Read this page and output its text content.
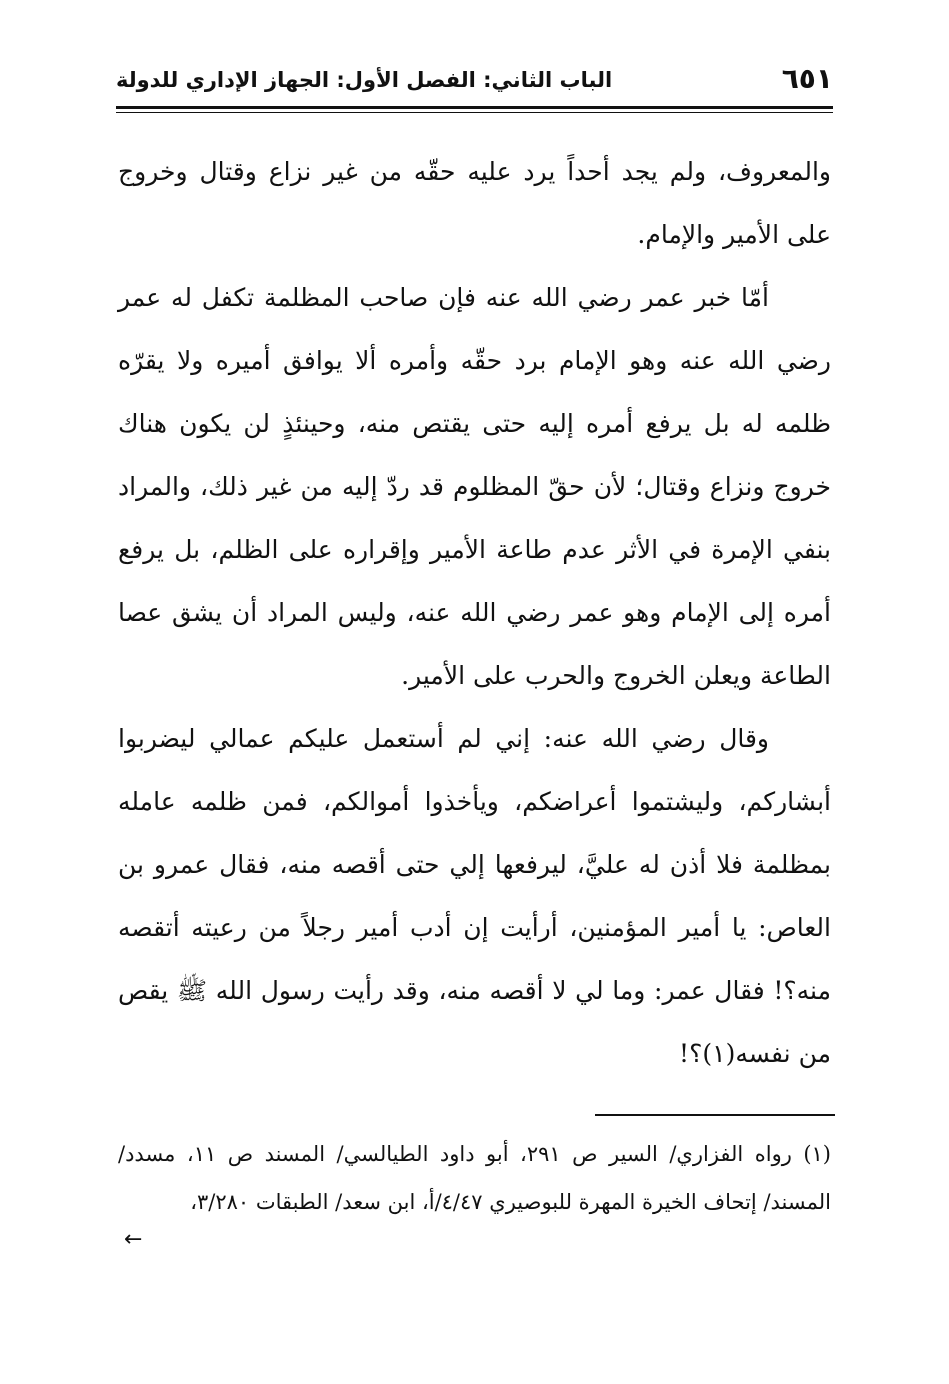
٦٥١
الباب الثاني: الفصل الأول: الجهاز الإداري للدولة

والمعروف، ولم يجد أحداً يرد عليه حقّه من غير نزاع وقتال وخروج على الأمير والإمام.

أمّا خبر عمر رضي الله عنه فإن صاحب المظلمة تكفل له عمر رضي الله عنه وهو الإمام برد حقّه وأمره ألا يوافق أميره ولا يقرّه ظلمه له بل يرفع أمره إليه حتى يقتص منه، وحينئذٍ لن يكون هناك خروج ونزاع وقتال؛ لأن حقّ المظلوم قد ردّ إليه من غير ذلك، والمراد بنفي الإمرة في الأثر عدم طاعة الأمير وإقراره على الظلم، بل يرفع أمره إلى الإمام وهو عمر رضي الله عنه، وليس المراد أن يشق عصا الطاعة ويعلن الخروج والحرب على الأمير.

وقال رضي الله عنه: إني لم أستعمل عليكم عمالي ليضربوا أبشاركم، وليشتموا أعراضكم، ويأخذوا أموالكم، فمن ظلمه عامله بمظلمة فلا أذن له عليَّ، ليرفعها إلي حتى أقصه منه، فقال عمرو بن العاص: يا أمير المؤمنين، أرأيت إن أدب أمير رجلاً من رعيته أتقصه منه؟! فقال عمر: وما لي لا أقصه منه، وقد رأيت رسول الله ﷺ يقص من نفسه(١)؟!

(١) رواه الفزاري/ السير ص ٢٩١، أبو داود الطيالسي/ المسند ص ١١، مسدد/ المسند/ إتحاف الخيرة المهرة للبوصيري ٤/٤٧/أ، ابن سعد/ الطبقات ٣/٢٨٠،

←
